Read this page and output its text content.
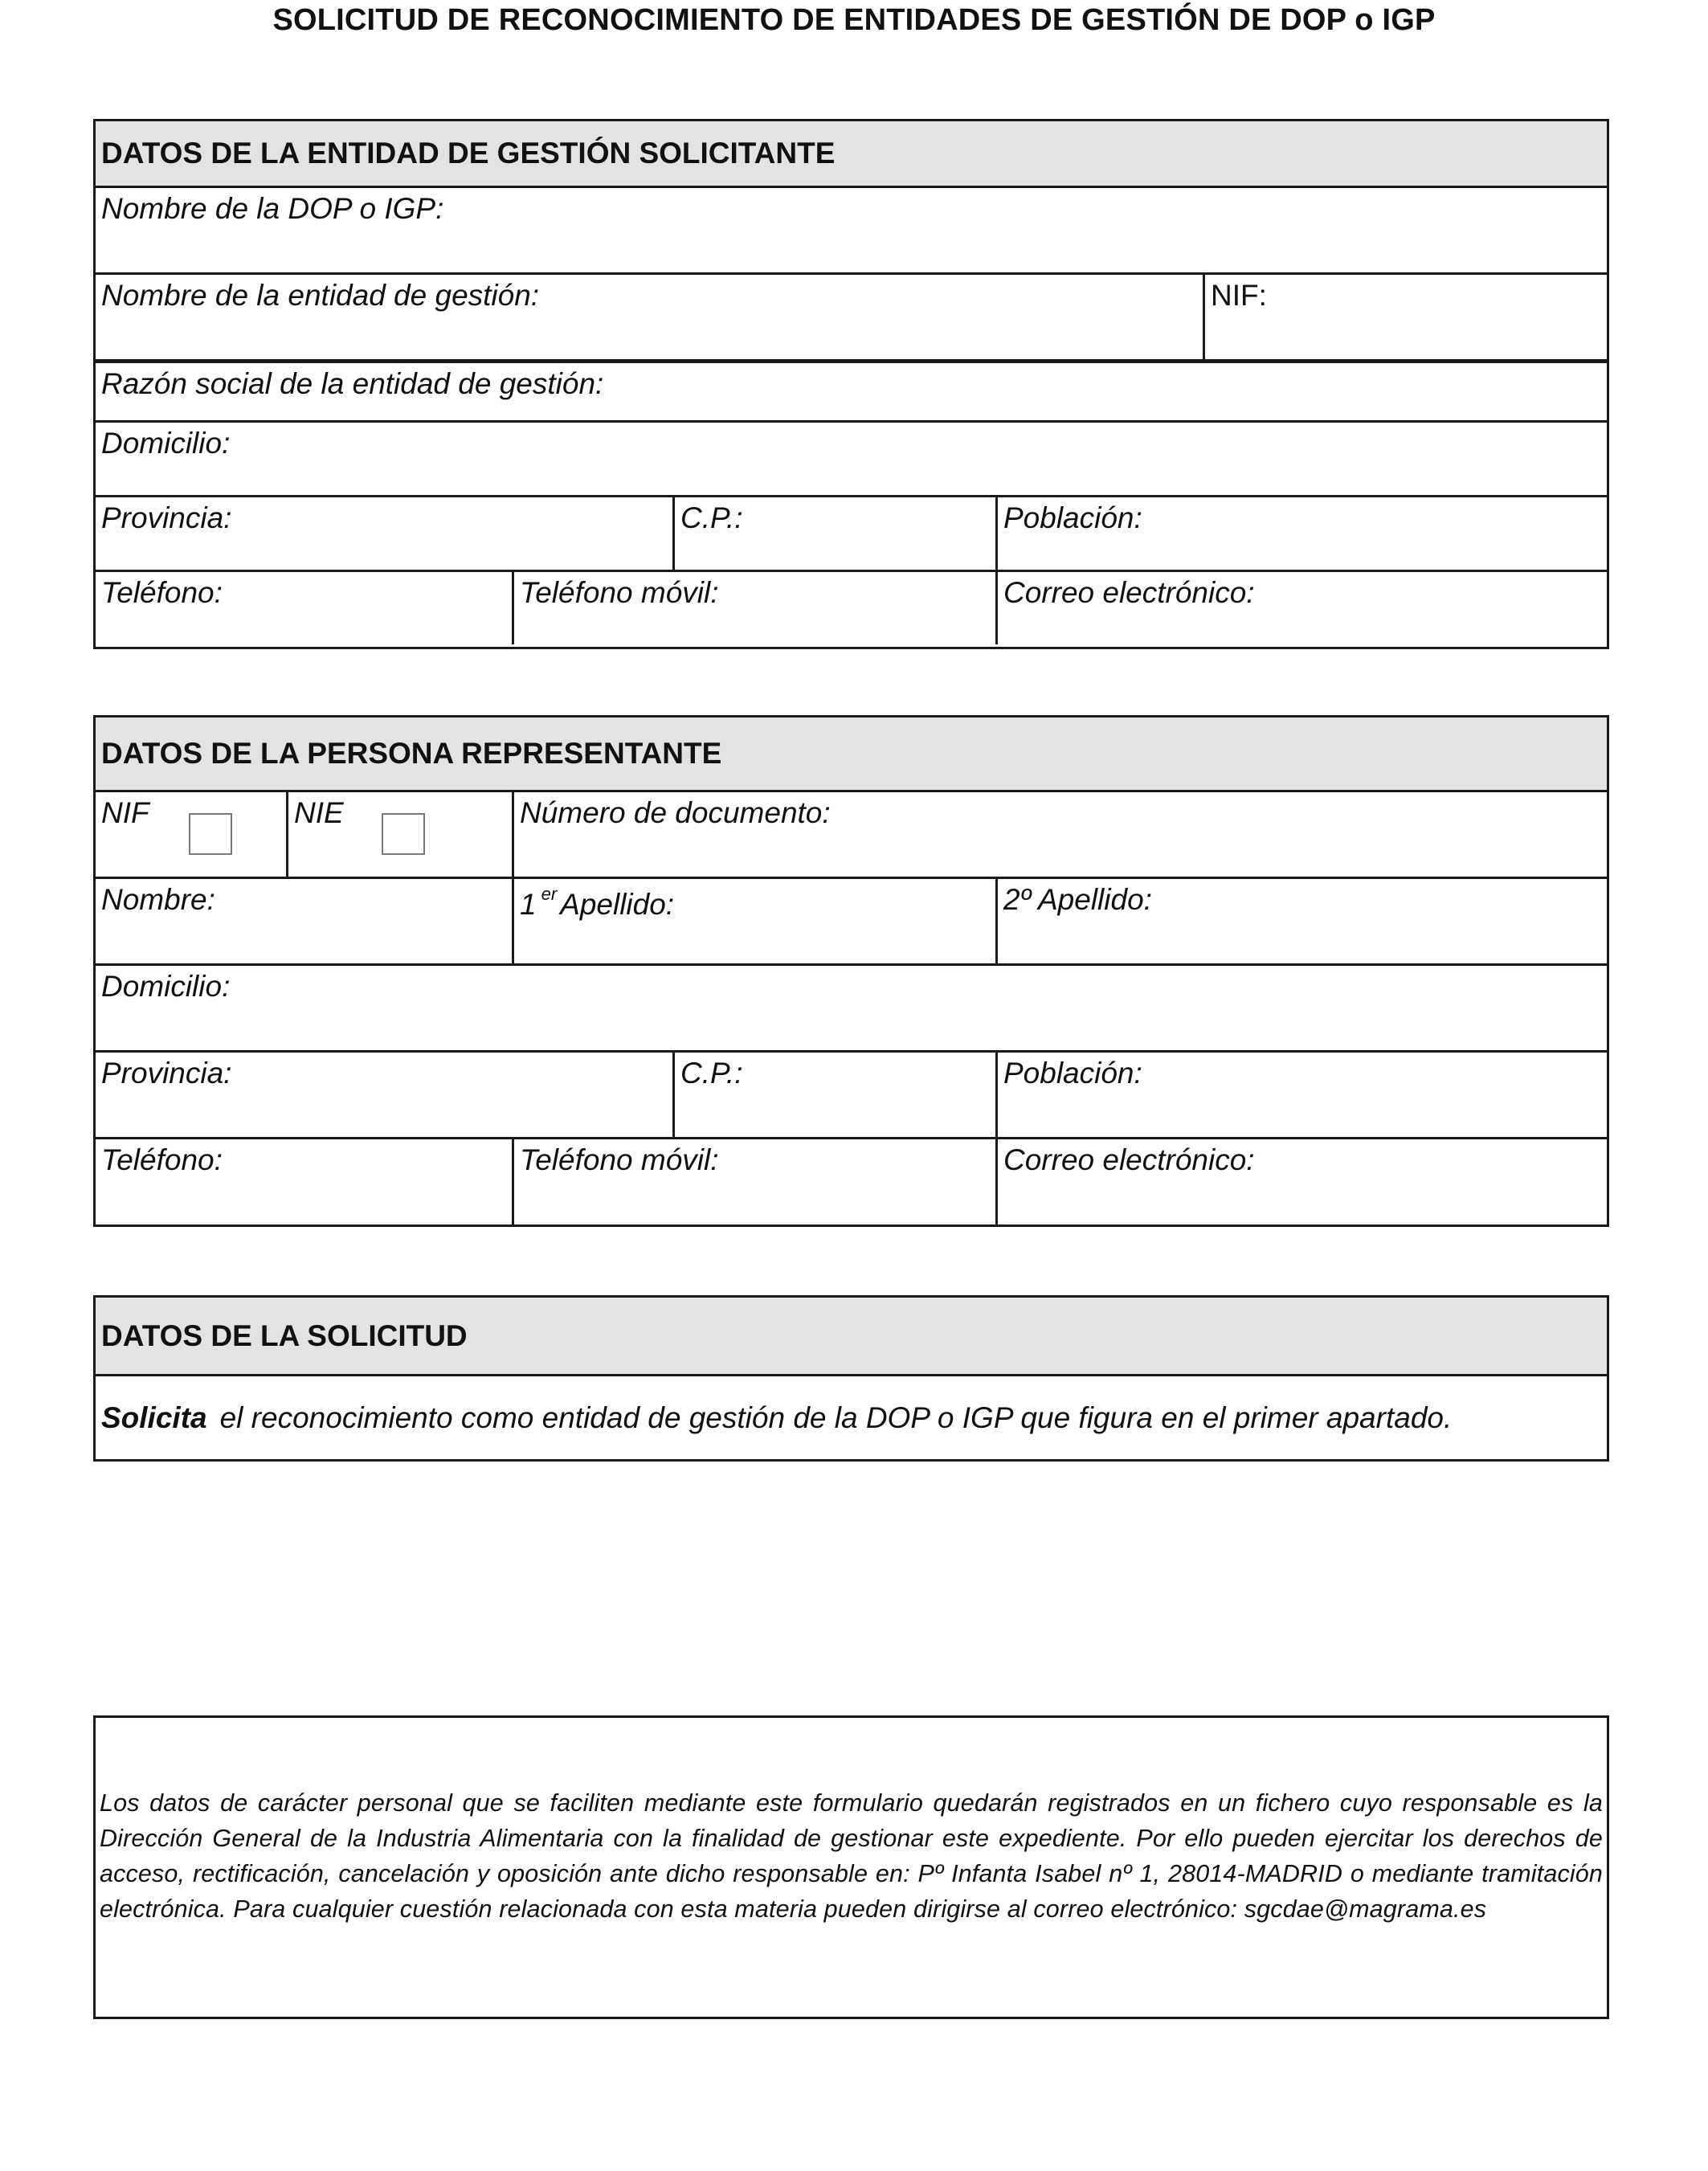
SOLICITUD DE RECONOCIMIENTO DE ENTIDADES DE GESTIÓN DE DOP o IGP
DATOS DE LA ENTIDAD DE GESTIÓN SOLICITANTE
Nombre de la DOP o IGP:
Nombre de la entidad de gestión:	NIF:
Razón social de la entidad de gestión:
Domicilio:
Provincia:	C.P.:	Población:
Teléfono:	Teléfono móvil:	Correo electrónico:
DATOS DE LA PERSONA REPRESENTANTE
NIF	NIE	Número de documento:
Nombre:	1 $^{er}$ Apellido:	2º Apellido:
Domicilio:
Provincia:	C.P.:	Población:
Teléfono:	Teléfono móvil:	Correo electrónico:
DATOS DE LA SOLICITUD
Solicita el reconocimiento como entidad de gestión de la DOP o IGP que figura en el primer apartado.
Los datos de carácter personal que se faciliten mediante este formulario quedarán registrados en un fichero cuyo responsable es la Dirección General de la Industria Alimentaria con la finalidad de gestionar este expediente. Por ello pueden ejercitar los derechos de acceso, rectificación, cancelación y oposición ante dicho responsable en: Pº Infanta Isabel nº 1, 28014-MADRID o mediante tramitación electrónica. Para cualquier cuestión relacionada con esta materia pueden dirigirse al correo electrónico: sgcdae@magrama.es
